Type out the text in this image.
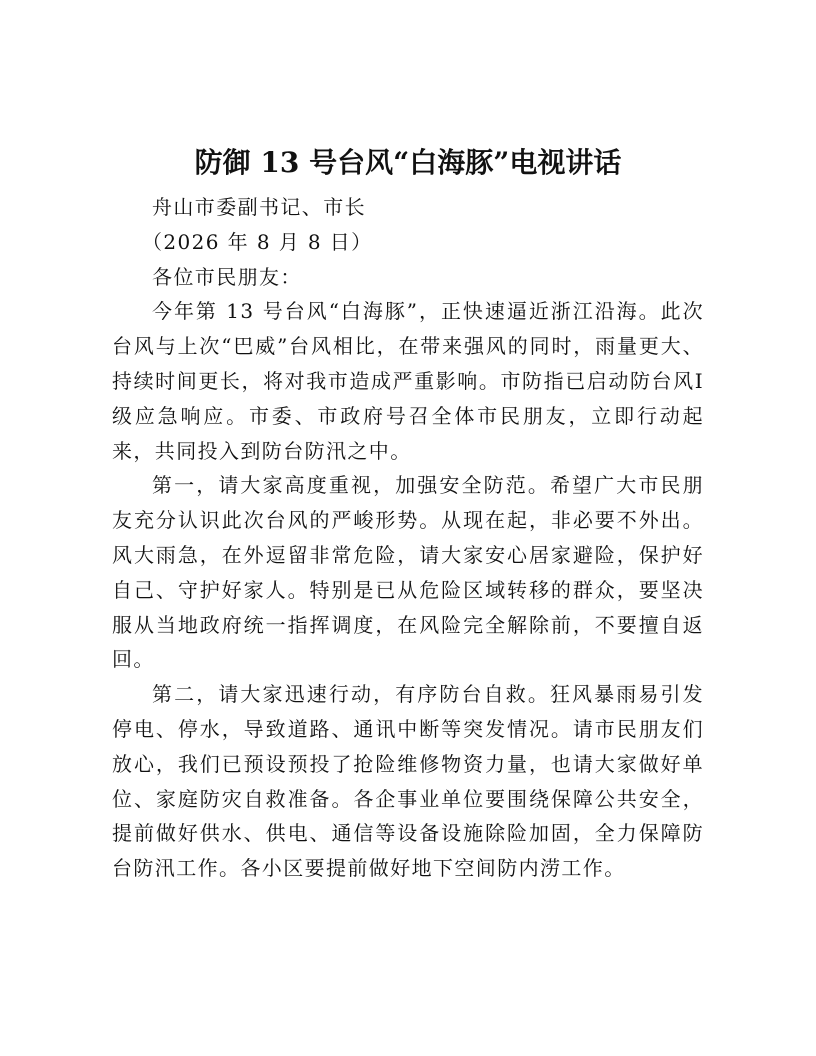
防御 13 号台风“白海豚”电视讲话

舟山市委副书记、市长

（2026 年 8 月 8 日）

各位市民朋友：

今年第 13 号台风“白海豚”，正快速逼近浙江沿海。此次台风与上次“巴威”台风相比，在带来强风的同时，雨量更大、持续时间更长，将对我市造成严重影响。市防指已启动防台风Ⅰ级应急响应。市委、市政府号召全体市民朋友，立即行动起来，共同投入到防台防汛之中。

第一，请大家高度重视，加强安全防范。希望广大市民朋友充分认识此次台风的严峻形势。从现在起，非必要不外出。风大雨急，在外逗留非常危险，请大家安心居家避险，保护好自己、守护好家人。特别是已从危险区域转移的群众，要坚决服从当地政府统一指挥调度，在风险完全解除前，不要擅自返回。

第二，请大家迅速行动，有序防台自救。狂风暴雨易引发停电、停水，导致道路、通讯中断等突发情况。请市民朋友们放心，我们已预设预投了抢险维修物资力量，也请大家做好单位、家庭防灾自救准备。各企事业单位要围绕保障公共安全，提前做好供水、供电、通信等设备设施除险加固，全力保障防台防汛工作。各小区要提前做好地下空间防内涝工作。
